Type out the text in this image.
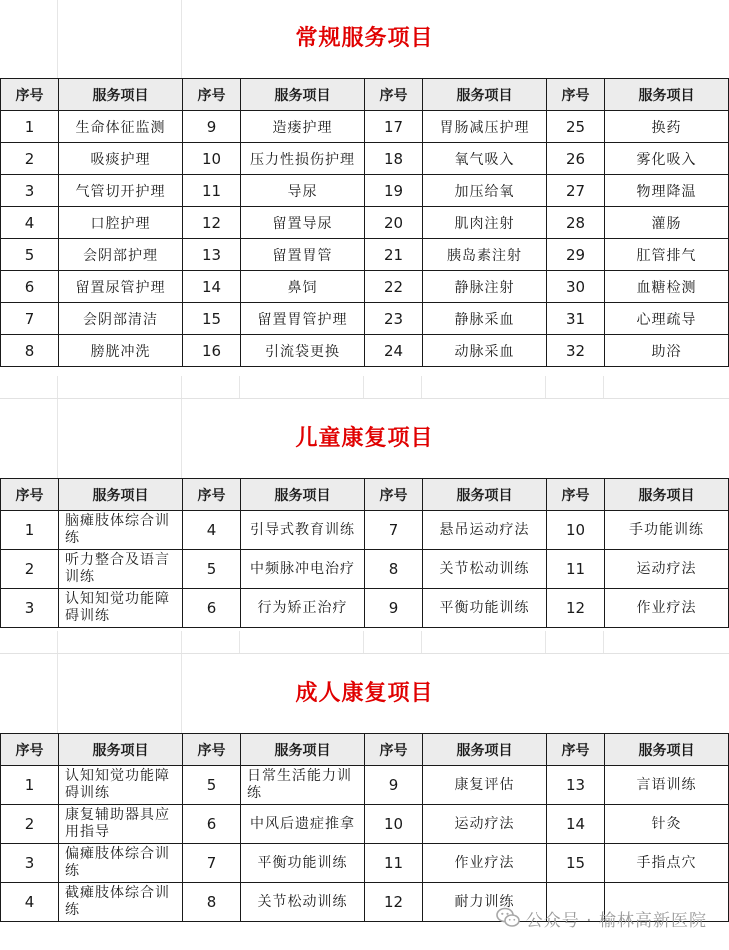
常规服务项目
序号	服务项目	序号	服务项目	序号	服务项目	序号	服务项目
1	生命体征监测	9	造瘘护理	17	胃肠减压护理	25	换药
2	吸痰护理	10	压力性损伤护理	18	氧气吸入	26	雾化吸入
3	气管切开护理	11	导尿	19	加压给氧	27	物理降温
4	口腔护理	12	留置导尿	20	肌肉注射	28	灌肠
5	会阴部护理	13	留置胃管	21	胰岛素注射	29	肛管排气
6	留置尿管护理	14	鼻饲	22	静脉注射	30	血糖检测
7	会阴部清洁	15	留置胃管护理	23	静脉采血	31	心理疏导
8	膀胱冲洗	16	引流袋更换	24	动脉采血	32	助浴
儿童康复项目
序号	服务项目	序号	服务项目	序号	服务项目	序号	服务项目
1	脑瘫肢体综合训练	4	引导式教育训练	7	悬吊运动疗法	10	手功能训练
2	听力整合及语言训练	5	中频脉冲电治疗	8	关节松动训练	11	运动疗法
3	认知知觉功能障碍训练	6	行为矫正治疗	9	平衡功能训练	12	作业疗法
成人康复项目
序号	服务项目	序号	服务项目	序号	服务项目	序号	服务项目
1	认知知觉功能障碍训练	5	日常生活能力训练	9	康复评估	13	言语训练
2	康复辅助器具应用指导	6	中风后遗症推拿	10	运动疗法	14	针灸
3	偏瘫肢体综合训练	7	平衡功能训练	11	作业疗法	15	手指点穴
4	截瘫肢体综合训练	8	关节松动训练	12	耐力训练		
公众号 · 榆林高新医院
